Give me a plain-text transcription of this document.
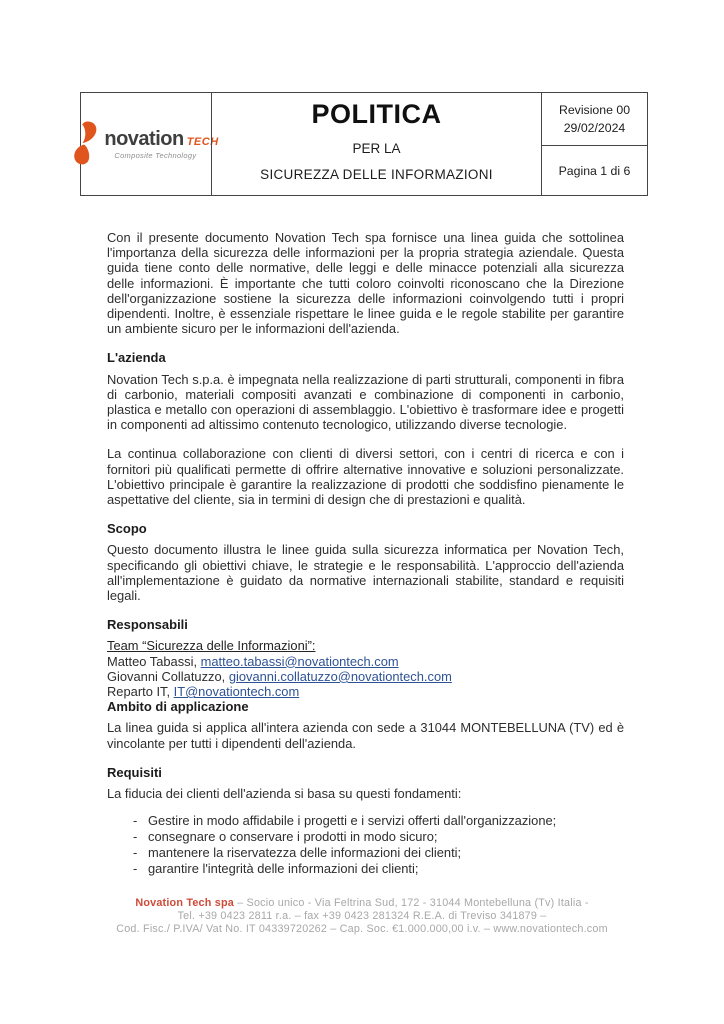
novation TECH
Composite Technology
POLITICA
PER LA
SICUREZZA DELLE INFORMAZIONI
Revisione 00
29/02/2024
Pagina 1 di 6

Con il presente documento Novation Tech spa fornisce una linea guida che sottolinea l'importanza della sicurezza delle informazioni per la propria strategia aziendale. Questa guida tiene conto delle normative, delle leggi e delle minacce potenziali alla sicurezza delle informazioni. È importante che tutti coloro coinvolti riconoscano che la Direzione dell'organizzazione sostiene la sicurezza delle informazioni coinvolgendo tutti i propri dipendenti. Inoltre, è essenziale rispettare le linee guida e le regole stabilite per garantire un ambiente sicuro per le informazioni dell'azienda.

L'azienda

Novation Tech s.p.a. è impegnata nella realizzazione di parti strutturali, componenti in fibra di carbonio, materiali compositi avanzati e combinazione di componenti in carbonio, plastica e metallo con operazioni di assemblaggio. L'obiettivo è trasformare idee e progetti in componenti ad altissimo contenuto tecnologico, utilizzando diverse tecnologie.

La continua collaborazione con clienti di diversi settori, con i centri di ricerca e con i fornitori più qualificati permette di offrire alternative innovative e soluzioni personalizzate. L'obiettivo principale è garantire la realizzazione di prodotti che soddisfino pienamente le aspettative del cliente, sia in termini di design che di prestazioni e qualità.

Scopo

Questo documento illustra le linee guida sulla sicurezza informatica per Novation Tech, specificando gli obiettivi chiave, le strategie e le responsabilità. L'approccio dell'azienda all'implementazione è guidato da normative internazionali stabilite, standard e requisiti legali.

Responsabili
Team “Sicurezza delle Informazioni”:
Matteo Tabassi, matteo.tabassi@novationtech.com
Giovanni Collatuzzo, giovanni.collatuzzo@novationtech.com
Reparto IT, IT@novationtech.com
Ambito di applicazione

La linea guida si applica all'intera azienda con sede a 31044 MONTEBELLUNA (TV) ed è vincolante per tutti i dipendenti dell'azienda.

Requisiti

La fiducia dei clienti dell'azienda si basa su questi fondamenti:

- Gestire in modo affidabile i progetti e i servizi offerti dall'organizzazione;
- consegnare o conservare i prodotti in modo sicuro;
- mantenere la riservatezza delle informazioni dei clienti;
- garantire l'integrità delle informazioni dei clienti;
Novation Tech spa – Socio unico - Via Feltrina Sud, 172 - 31044 Montebelluna (Tv) Italia -
Tel. +39 0423 2811 r.a. – fax +39 0423 281324 R.E.A. di Treviso 341879 –
Cod. Fisc./ P.IVA/ Vat No. IT 04339720262 – Cap. Soc. €1.000.000,00 i.v. – www.novationtech.com
